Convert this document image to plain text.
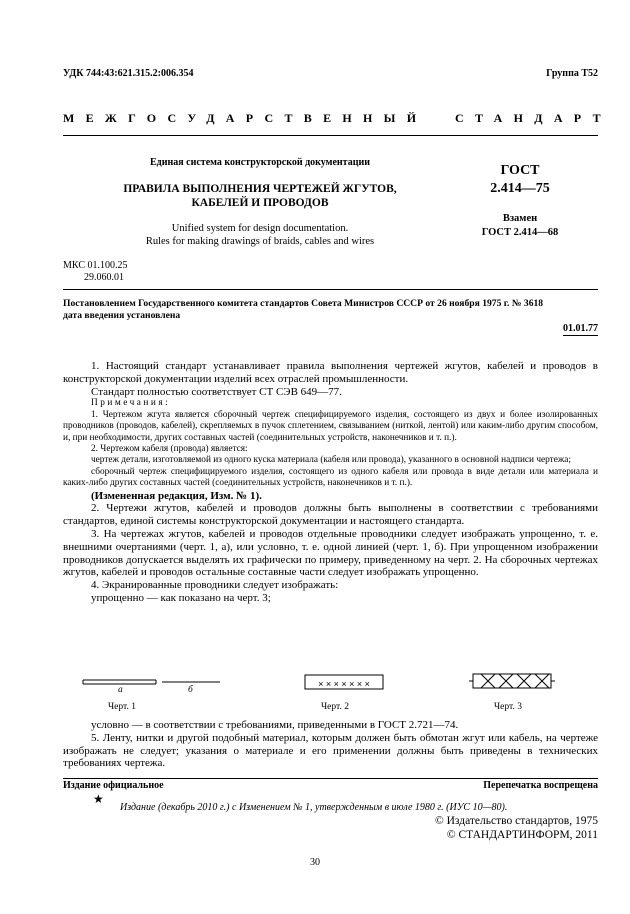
УДК 744:43:621.315.2:006.354	Группа Т52
МЕЖГОСУДАРСТВЕННЫЙ СТАНДАРТ
Единая система конструкторской документации
ПРАВИЛА ВЫПОЛНЕНИЯ ЧЕРТЕЖЕЙ ЖГУТОВ,
КАБЕЛЕЙ И ПРОВОДОВ
Unified system for design documentation.
Rules for making drawings of braids, cables and wires
ГОСТ
2.414—75
Взамен
ГОСТ 2.414—68
МКС 01.100.25
29.060.01
Постановлением Государственного комитета стандартов Совета Министров СССР от 26 ноября 1975 г. № 3618
дата введения установлена
01.01.77

1. Настоящий стандарт устанавливает правила выполнения чертежей жгутов, кабелей и проводов в конструкторской документации изделий всех отраслей промышленности.

Стандарт полностью соответствует СТ СЭВ 649—77.

Примечания:

1. Чертежом жгута является сборочный чертеж специфицируемого изделия, состоящего из двух и более изолированных проводников (проводов, кабелей), скрепляемых в пучок сплетением, связыванием (ниткой, лентой) или каким-либо другим способом, и, при необходимости, других составных частей (соединительных устройств, наконечников и т. п.).

2. Чертежом кабеля (провода) является:

чертеж детали, изготовляемой из одного куска материала (кабеля или провода), указанного в основной надписи чертежа;

сборочный чертеж специфицируемого изделия, состоящего из одного кабеля или провода в виде детали или материала и каких-либо других составных частей (соединительных устройств, наконечников и т. п.).

(Измененная редакция, Изм. № 1).

2. Чертежи жгутов, кабелей и проводов должны быть выполнены в соответствии с требованиями стандартов, единой системы конструкторской документации и настоящего стандарта.

3. На чертежах жгутов, кабелей и проводов отдельные проводники следует изображать упрощенно, т. е. внешними очертаниями (черт. 1, а), или условно, т. е. одной линией (черт. 1, б). При упрощенном изображении проводников допускается выделять их графически по примеру, приведенному на черт. 2. На сборочных чертежах жгутов, кабелей и проводов остальные составные части следует изображать упрощенно.

4. Экранированные проводники следует изображать:

упрощенно — как показано на черт. 3;

× × × × × × ×
а	б
Черт. 1	Черт. 2	Черт. 3

условно — в соответствии с требованиями, приведенными в ГОСТ 2.721—74.

5. Ленту, нитки и другой подобный материал, которым должен быть обмотан жгут или кабель, на чертеже изображать не следует; указания о материале и его применении должны быть приведены в технических требованиях чертежа.

Издание официальное	Перепечатка воспрещена
★
Издание (декабрь 2010 г.) с Изменением № 1, утвержденным в июле 1980 г. (ИУС 10—80).
© Издательство стандартов, 1975
© СТАНДАРТИНФОРМ, 2011
30
